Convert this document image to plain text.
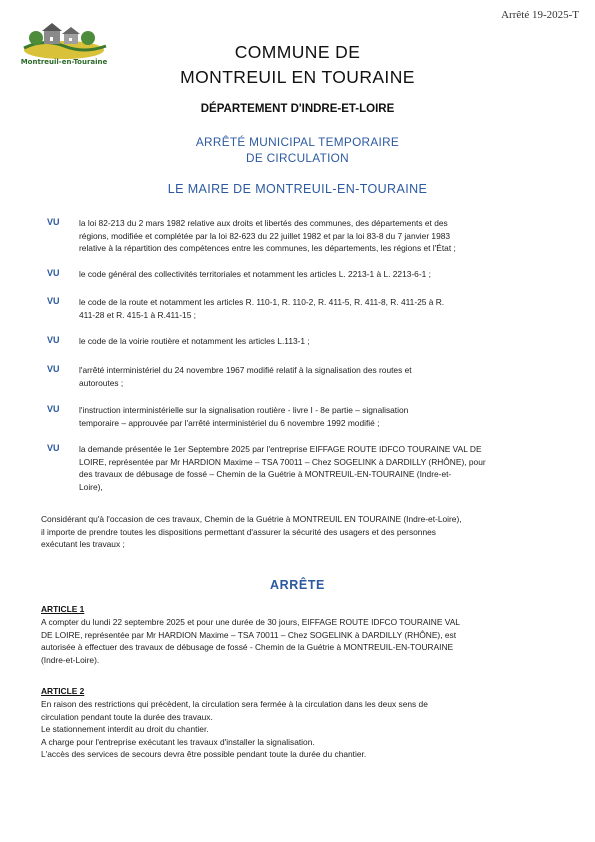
Montreuil-en-Touraine
Arrêté 19-2025-T
COMMUNE DE
MONTREUIL EN TOURAINE
DÉPARTEMENT D'INDRE-ET-LOIRE
ARRÊTÉ MUNICIPAL TEMPORAIRE
DE CIRCULATION
LE MAIRE DE MONTREUIL-EN-TOURAINE
VU la loi 82-213 du 2 mars 1982 relative aux droits et libertés des communes, des départements et des
régions, modifiée et complétée par la loi 82-623 du 22 juillet 1982 et par la loi 83-8 du 7 janvier 1983
relative à la répartition des compétences entre les communes, les départements, les régions et l'État ;
VU le code général des collectivités territoriales et notamment les articles L. 2213-1 à L. 2213-6-1 ;
VU le code de la route et notamment les articles R. 110-1, R. 110-2, R. 411-5, R. 411-8, R. 411-25 à R.
411-28 et R. 415-1 à R.411-15 ;
VU le code de la voirie routière et notamment les articles L.113-1 ;
VU l'arrêté interministériel du 24 novembre 1967 modifié relatif à la signalisation des routes et
autoroutes ;
VU l'instruction interministérielle sur la signalisation routière - livre I - 8e partie – signalisation
temporaire – approuvée par l'arrêté interministériel du 6 novembre 1992 modifié ;
VU la demande présentée le 1er Septembre 2025 par l'entreprise EIFFAGE ROUTE IDFCO TOURAINE VAL DE
LOIRE, représentée par Mr HARDION Maxime – TSA 70011 – Chez SOGELINK à DARDILLY (RHÔNE), pour
des travaux de débusage de fossé – Chemin de la Guétrie à MONTREUIL-EN-TOURAINE (Indre-et-
Loire),
Considérant qu'à l'occasion de ces travaux, Chemin de la Guétrie à MONTREUIL EN TOURAINE (Indre-et-Loire),
il importe de prendre toutes les dispositions permettant d'assurer la sécurité des usagers et des personnes
exécutant les travaux ;
ARRÊTE
ARTICLE 1
A compter du lundi 22 septembre 2025 et pour une durée de 30 jours, EIFFAGE ROUTE IDFCO TOURAINE VAL
DE LOIRE, représentée par Mr HARDION Maxime – TSA 70011 – Chez SOGELINK à DARDILLY (RHÔNE), est
autorisée à effectuer des travaux de débusage de fossé - Chemin de la Guétrie à MONTREUIL-EN-TOURAINE
(Indre-et-Loire).
ARTICLE 2
En raison des restrictions qui précèdent, la circulation sera fermée à la circulation dans les deux sens de
circulation pendant toute la durée des travaux.
Le stationnement interdit au droit du chantier.
A charge pour l'entreprise exécutant les travaux d'installer la signalisation.
L'accès des services de secours devra être possible pendant toute la durée du chantier.
